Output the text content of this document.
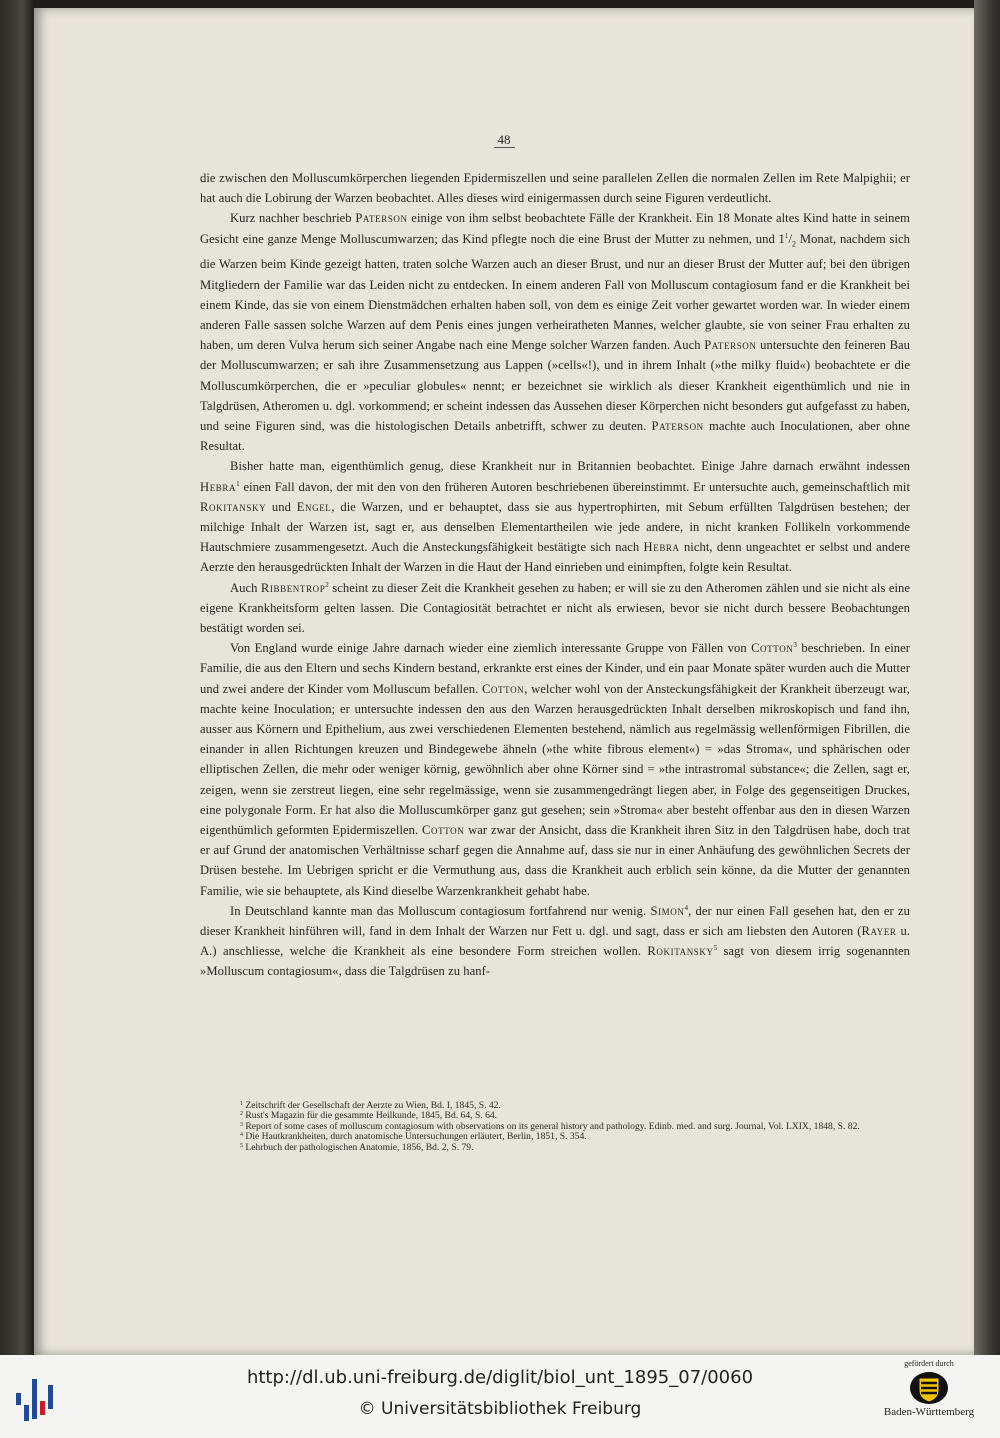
48

die zwischen den Molluscumkörperchen liegenden Epidermiszellen und seine parallelen Zellen die normalen Zellen im Rete Malpighii; er hat auch die Lobirung der Warzen beobachtet. Alles dieses wird einigermassen durch seine Figuren verdeutlicht.

Kurz nachher beschrieb Paterson einige von ihm selbst beobachtete Fälle der Krankheit. Ein 18 Monate altes Kind hatte in seinem Gesicht eine ganze Menge Molluscumwarzen; das Kind pflegte noch die eine Brust der Mutter zu nehmen, und $1^1/_2$ Monat, nachdem sich die Warzen beim Kinde gezeigt hatten, traten solche Warzen auch an dieser Brust, und nur an dieser Brust der Mutter auf; bei den übrigen Mitgliedern der Familie war das Leiden nicht zu entdecken. In einem anderen Fall von Molluscum contagiosum fand er die Krankheit bei einem Kinde, das sie von einem Dienstmädchen erhalten haben soll, von dem es einige Zeit vorher gewartet worden war. In wieder einem anderen Falle sassen solche Warzen auf dem Penis eines jungen verheiratheten Mannes, welcher glaubte, sie von seiner Frau erhalten zu haben, um deren Vulva herum sich seiner Angabe nach eine Menge solcher Warzen fanden. Auch Paterson untersuchte den feineren Bau der Molluscumwarzen; er sah ihre Zusammensetzung aus Lappen (»cells«!), und in ihrem Inhalt (»the milky fluid«) beobachtete er die Molluscumkörperchen, die er »peculiar globules« nennt; er bezeichnet sie wirklich als dieser Krankheit eigenthümlich und nie in Talgdrüsen, Atheromen u. dgl. vorkommend; er scheint indessen das Aussehen dieser Körperchen nicht besonders gut aufgefasst zu haben, und seine Figuren sind, was die histologischen Details anbetrifft, schwer zu deuten. Paterson machte auch Inoculationen, aber ohne Resultat.

Bisher hatte man, eigenthümlich genug, diese Krankheit nur in Britannien beobachtet. Einige Jahre darnach erwähnt indessen Hebra$^1$ einen Fall davon, der mit den von den früheren Autoren beschriebenen übereinstimmt. Er untersuchte auch, gemeinschaftlich mit Rokitansky und Engel, die Warzen, und er behauptet, dass sie aus hypertrophirten, mit Sebum erfüllten Talgdrüsen bestehen; der milchige Inhalt der Warzen ist, sagt er, aus denselben Elementartheilen wie jede andere, in nicht kranken Follikeln vorkommende Hautschmiere zusammengesetzt. Auch die Ansteckungsfähigkeit bestätigte sich nach Hebra nicht, denn ungeachtet er selbst und andere Aerzte den herausgedrückten Inhalt der Warzen in die Haut der Hand einrieben und einimpften, folgte kein Resultat.

Auch Ribbentrop$^2$ scheint zu dieser Zeit die Krankheit gesehen zu haben; er will sie zu den Atheromen zählen und sie nicht als eine eigene Krankheitsform gelten lassen. Die Contagiosität betrachtet er nicht als erwiesen, bevor sie nicht durch bessere Beobachtungen bestätigt worden sei.

Von England wurde einige Jahre darnach wieder eine ziemlich interessante Gruppe von Fällen von Cotton$^3$ beschrieben. In einer Familie, die aus den Eltern und sechs Kindern bestand, erkrankte erst eines der Kinder, und ein paar Monate später wurden auch die Mutter und zwei andere der Kinder vom Molluscum befallen. Cotton, welcher wohl von der Ansteckungsfähigkeit der Krankheit überzeugt war, machte keine Inoculation; er untersuchte indessen den aus den Warzen herausgedrückten Inhalt derselben mikroskopisch und fand ihn, ausser aus Körnern und Epithelium, aus zwei verschiedenen Elementen bestehend, nämlich aus regelmässig wellenförmigen Fibrillen, die einander in allen Richtungen kreuzen und Bindegewebe ähneln (»the white fibrous element«) = »das Stroma«, und sphärischen oder elliptischen Zellen, die mehr oder weniger körnig, gewöhnlich aber ohne Körner sind = »the intrastromal substance«; die Zellen, sagt er, zeigen, wenn sie zerstreut liegen, eine sehr regelmässige, wenn sie zusammengedrängt liegen aber, in Folge des gegenseitigen Druckes, eine polygonale Form. Er hat also die Molluscumkörper ganz gut gesehen; sein »Stroma« aber besteht offenbar aus den in diesen Warzen eigenthümlich geformten Epidermiszellen. Cotton war zwar der Ansicht, dass die Krankheit ihren Sitz in den Talgdrüsen habe, doch trat er auf Grund der anatomischen Verhältnisse scharf gegen die Annahme auf, dass sie nur in einer Anhäufung des gewöhnlichen Secrets der Drüsen bestehe. Im Uebrigen spricht er die Vermuthung aus, dass die Krankheit auch erblich sein könne, da die Mutter der genannten Familie, wie sie behauptete, als Kind dieselbe Warzenkrankheit gehabt habe.

In Deutschland kannte man das Molluscum contagiosum fortfahrend nur wenig. Simon$^4$, der nur einen Fall gesehen hat, den er zu dieser Krankheit hinführen will, fand in dem Inhalt der Warzen nur Fett u. dgl. und sagt, dass er sich am liebsten den Autoren (Rayer u. A.) anschliesse, welche die Krankheit als eine besondere Form streichen wollen. Rokitansky$^5$ sagt von diesem irrig sogenannten »Molluscum contagiosum«, dass die Talgdrüsen zu hanf-

$^1$ Zeitschrift der Gesellschaft der Aerzte zu Wien, Bd. I, 1845, S. 42.

$^2$ Rust's Magazin für die gesammte Heilkunde, 1845, Bd. 64, S. 64.

$^3$ Report of some cases of molluscum contagiosum with observations on its general history and pathology. Edinb. med. and surg. Journal, Vol. LXIX, 1848, S. 82.

$^4$ Die Hautkrankheiten, durch anatomische Untersuchungen erläutert, Berlin, 1851, S. 354.

$^5$ Lehrbuch der pathologischen Anatomie, 1856, Bd. 2, S. 79.

http://dl.ub.uni-freiburg.de/diglit/biol_unt_1895_07/0060
© Universitätsbibliothek Freiburg
gefördert durch
Baden-Württemberg
